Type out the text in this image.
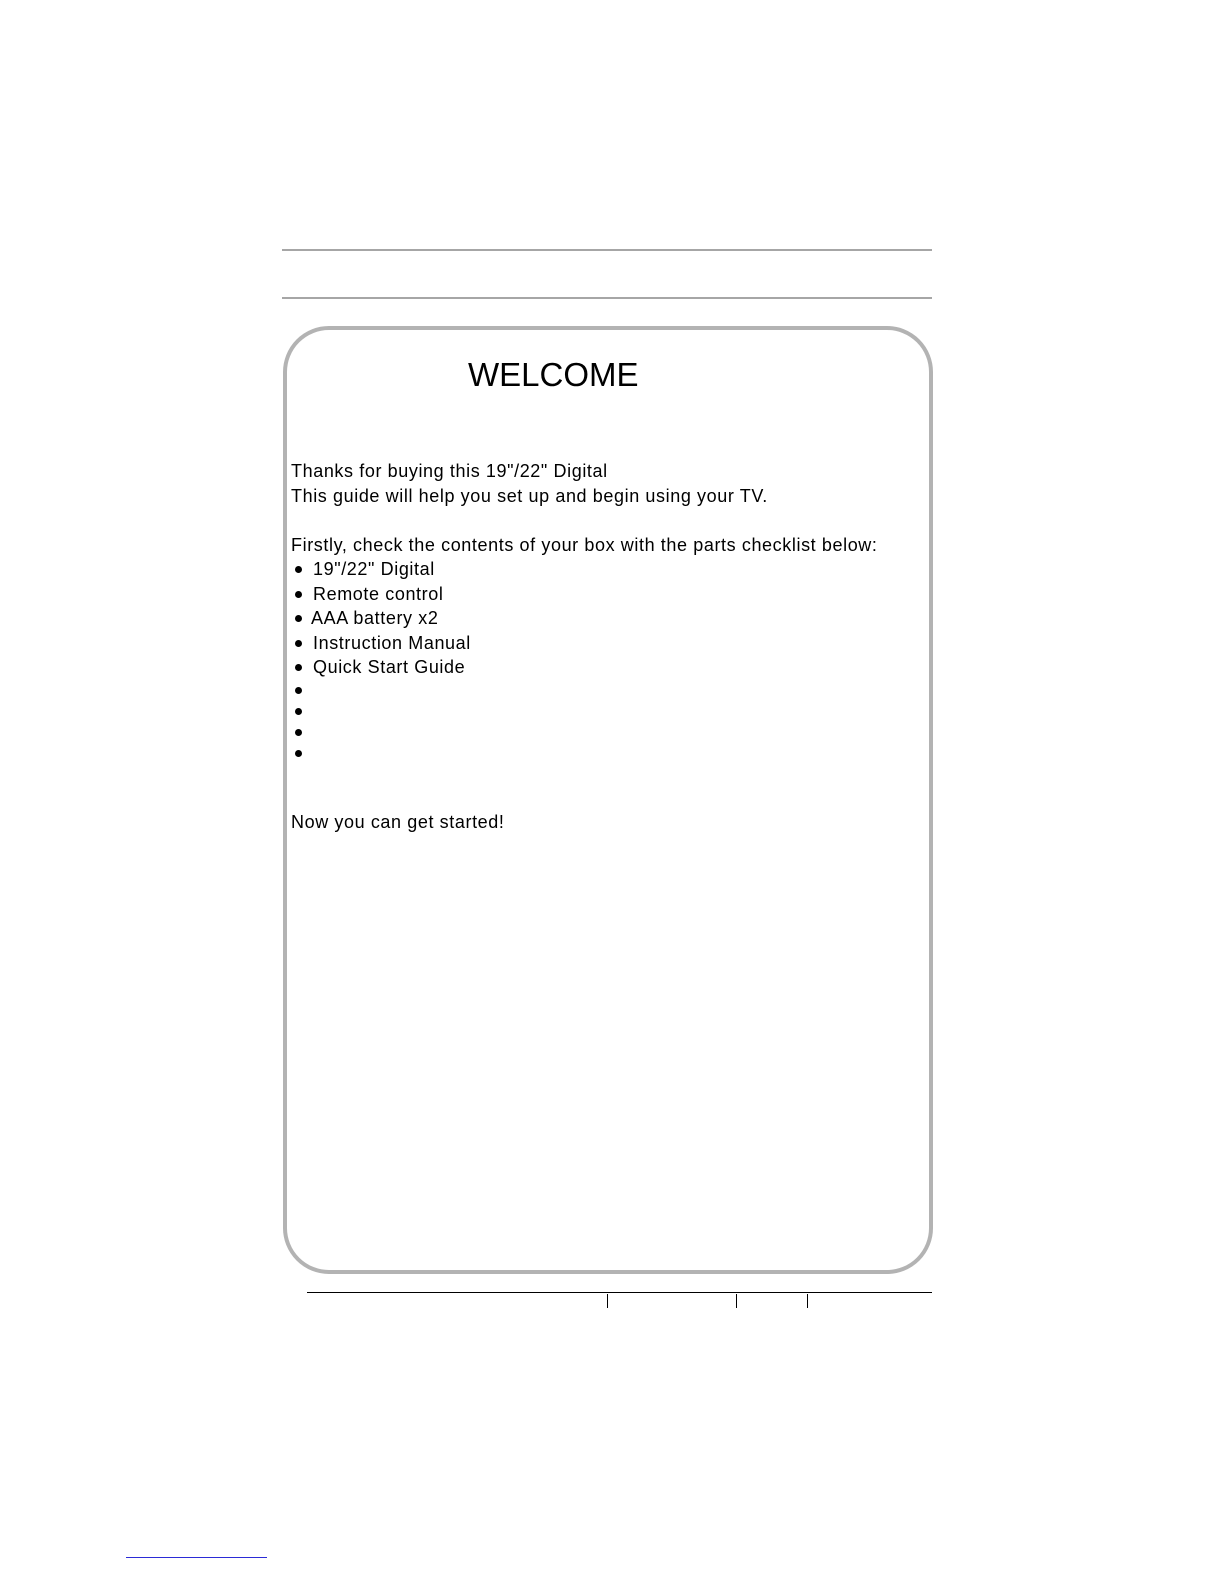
WELCOME
Thanks for buying this 19"/22" Digital
This guide will help you set up and begin using your TV.
Firstly, check the contents of your box with the parts checklist below:
19"/22" Digital
Remote control
AAA battery x2
Instruction Manual
Quick Start Guide
Now you can get started!
